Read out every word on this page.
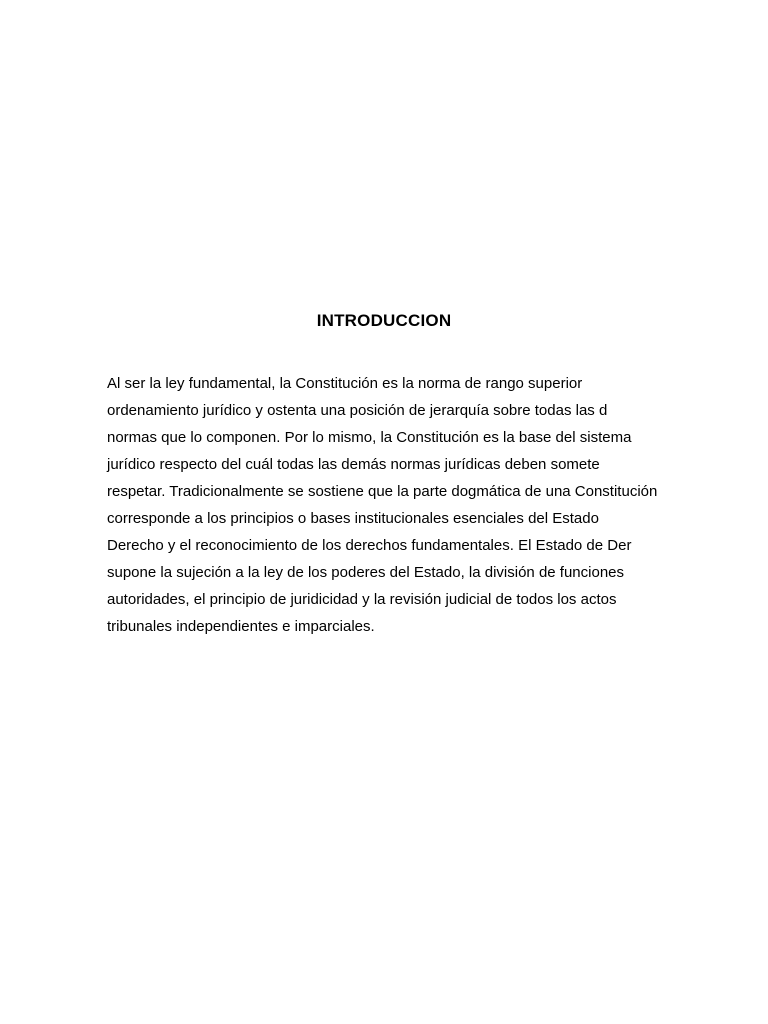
INTRODUCCION
Al ser la ley fundamental, la Constitución es la norma de rango superior
ordenamiento jurídico y ostenta una posición de jerarquía sobre todas las d
normas que lo componen. Por lo mismo, la Constitución es la base del sistema
jurídico respecto del cuál todas las demás normas jurídicas deben somete
respetar. Tradicionalmente se sostiene que la parte dogmática de una Constitución
corresponde a los principios o bases institucionales esenciales del Estado
Derecho y el reconocimiento de los derechos fundamentales. El Estado de Der
supone la sujeción a la ley de los poderes del Estado, la división de funciones
autoridades, el principio de juridicidad y la revisión judicial de todos los actos
tribunales independientes e imparciales.
